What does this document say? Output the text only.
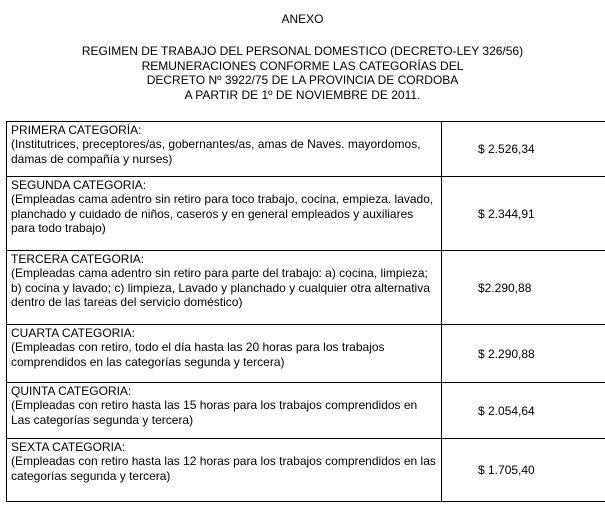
ANEXO
REGIMEN DE TRABAJO DEL PERSONAL DOMESTICO (DECRETO-LEY 326/56)
REMUNERACIONES CONFORME LAS CATEGORÍAS DEL
DECRETO Nº 3922/75 DE LA PROVINCIA DE CORDOBA
A PARTIR DE 1º DE NOVIEMBRE DE 2011.
PRIMERA CATEGORÍA:
(Institutrices, preceptores/as, gobernantes/as, amas de Naves. mayordomos, damas de compañía y nurses)	$ 2.526,34

SEGUNDA CATEGORIA:
(Empleadas cama adentro sin retiro para toco trabajo, cocina, empieza. lavado, planchado y cuidado de niños, caseros y en general empleados y auxiliares para todo trabajo)	$ 2.344,91

TERCERA CATEGORIA:
(Empleadas cama adentro sin retiro para parte del trabajo: a) cocina, limpieza; b) cocina y lavado; c) limpieza, Lavado y planchado y cualquier otra alternativa dentro de las tareas del servicio doméstico)	$2.290,88

CUARTA CATEGORIA:
(Empleadas con retiro, todo el día hasta las 20 horas para los trabajos comprendidos en las categorías segunda y tercera)	$ 2.290,88

QUINTA CATEGORIA:
(Empleadas con retiro hasta las 15 horas para los trabajos comprendidos en Las categorías segunda y tercera)	$ 2.054,64

SEXTA CATEGORIA:
(Empleadas con retiro hasta las 12 horas para los trabajos comprendidos en las categorías segunda y tercera)	$ 1.705,40
